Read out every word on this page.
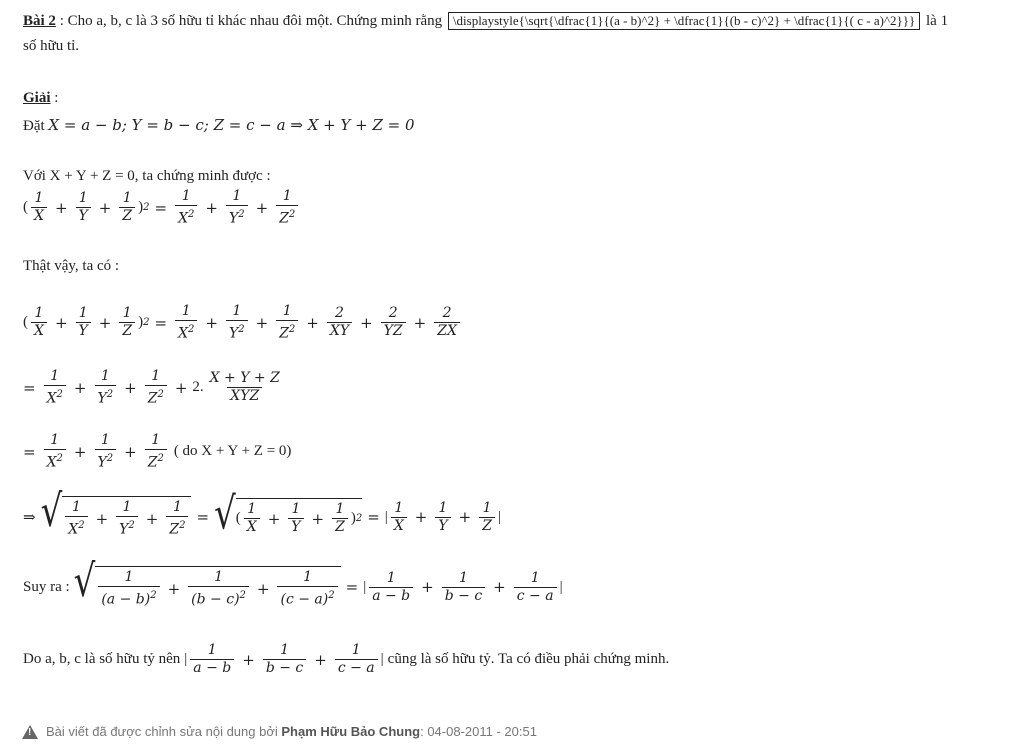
Bài 2 : Cho a, b, c là 3 số hữu tỉ khác nhau đôi một. Chứng minh rằng \displaystyle{\sqrt{\dfrac{1}{(a - b)^2} + \dfrac{1}{(b - c)^2} + \dfrac{1}{( c - a)^2}}} là 1
số hữu tỉ.
Giải :
Đặt X = a − b; Y = b − c; Z = c − a ⇒ X + Y + Z = 0
Với X + Y + Z = 0, ta chứng minh được :
( $\frac{1}{X} + \frac{1}{Y} + \frac{1}{Z}$ ) $2 = \frac{1}{X^2} + \frac{1}{Y^2} + \frac{1}{Z^2}$
Thật vậy, ta có :
( $\frac{1}{X} + \frac{1}{Y} + \frac{1}{Z}$ ) $2 = \frac{1}{X^2} + \frac{1}{Y^2} + \frac{1}{Z^2} + \frac{2}{XY} + \frac{2}{YZ} + \frac{2}{ZX}$
= $\frac{1}{X^2} + \frac{1}{Y^2} + \frac{1}{Z^2} + 2$. $\frac{X + Y + Z}{\text{XYZ}}$
= $\frac{1}{X^2} + \frac{1}{Y^2} + \frac{1}{Z^2}$ ( do X + Y + Z = 0)
⇒ √ $\frac{1}{X^2} + \frac{1}{Y^2} + \frac{1}{Z^2}$ = √ ( $\frac{1}{X} + \frac{1}{Y} + \frac{1}{Z}$ ) 2 = | $\frac{1}{X} + \frac{1}{Y} + \frac{1}{Z}$ |
Suy ra : √ $\frac{1}{(a - b)^2} + \frac{1}{(b - c)^2} + \frac{1}{(c - a)^2}$ = | $\frac{1}{a - b} + \frac{1}{b - c} + \frac{1}{c - a}$ |
Do a, b, c là số hữu tỷ nên | $\frac{1}{a - b} + \frac{1}{b - c} + \frac{1}{c - a}$ | cũng là số hữu tỷ. Ta có điều phải chứng minh.
!
Bài viết đã được chỉnh sửa nội dung bởi
Phạm Hữu Bảo Chung : 04-08-2011 - 20:51
